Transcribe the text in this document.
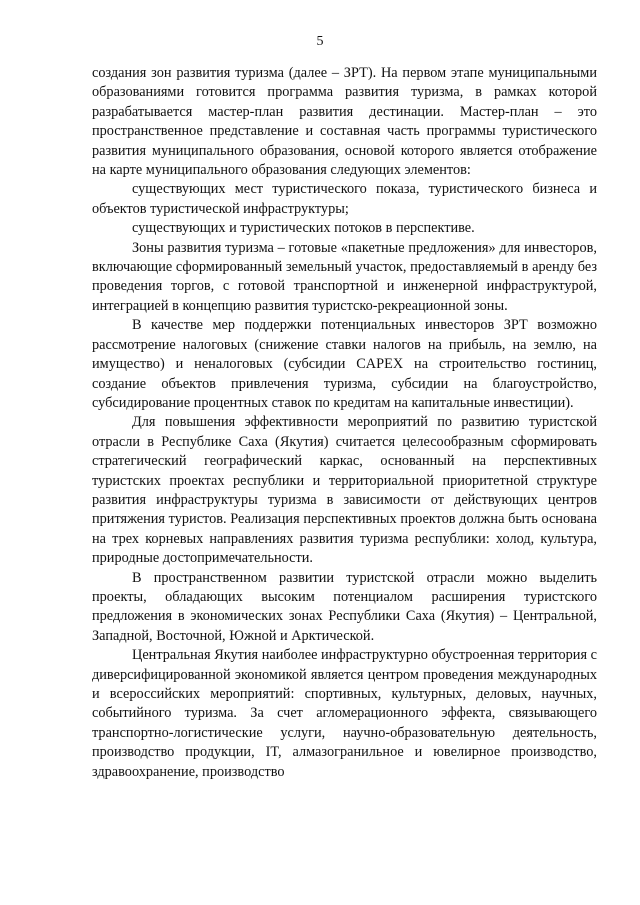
5

создания зон развития туризма (далее – ЗРТ). На первом этапе муниципальными образованиями готовится программа развития туризма, в рамках которой разрабатывается мастер-план развития дестинации. Мастер-план – это пространственное представление и составная часть программы туристического развития муниципального образования, основой которого является отображение на карте муниципального образования следующих элементов:

существующих мест туристического показа, туристического бизнеса и объектов туристической инфраструктуры;

существующих и туристических потоков в перспективе.

Зоны развития туризма – готовые «пакетные предложения» для инвесторов, включающие сформированный земельный участок, предоставляемый в аренду без проведения торгов, с готовой транспортной и инженерной инфраструктурой, интеграцией в концепцию развития туристско-рекреационной зоны.

В качестве мер поддержки потенциальных инвесторов ЗРТ возможно рассмотрение налоговых (снижение ставки налогов на прибыль, на землю, на имущество) и неналоговых (субсидии CAPEX на строительство гостиниц, создание объектов привлечения туризма, субсидии на благоустройство, субсидирование процентных ставок по кредитам на капитальные инвестиции).

Для повышения эффективности мероприятий по развитию туристской отрасли в Республике Саха (Якутия) считается целесообразным сформировать стратегический географический каркас, основанный на перспективных туристских проектах республики и территориальной приоритетной структуре развития инфраструктуры туризма в зависимости от действующих центров притяжения туристов. Реализация перспективных проектов должна быть основана на трех корневых направлениях развития туризма республики: холод, культура, природные достопримечательности.

В пространственном развитии туристской отрасли можно выделить проекты, обладающих высоким потенциалом расширения туристского предложения в экономических зонах Республики Саха (Якутия) – Центральной, Западной, Восточной, Южной и Арктической.

Центральная Якутия наиболее инфраструктурно обустроенная территория с диверсифицированной экономикой является центром проведения международных и всероссийских мероприятий: спортивных, культурных, деловых, научных, событийного туризма. За счет агломерационного эффекта, связывающего транспортно-логистические услуги, научно-образовательную деятельность, производство продукции, IT, алмазогранильное и ювелирное производство, здравоохранение, производство
